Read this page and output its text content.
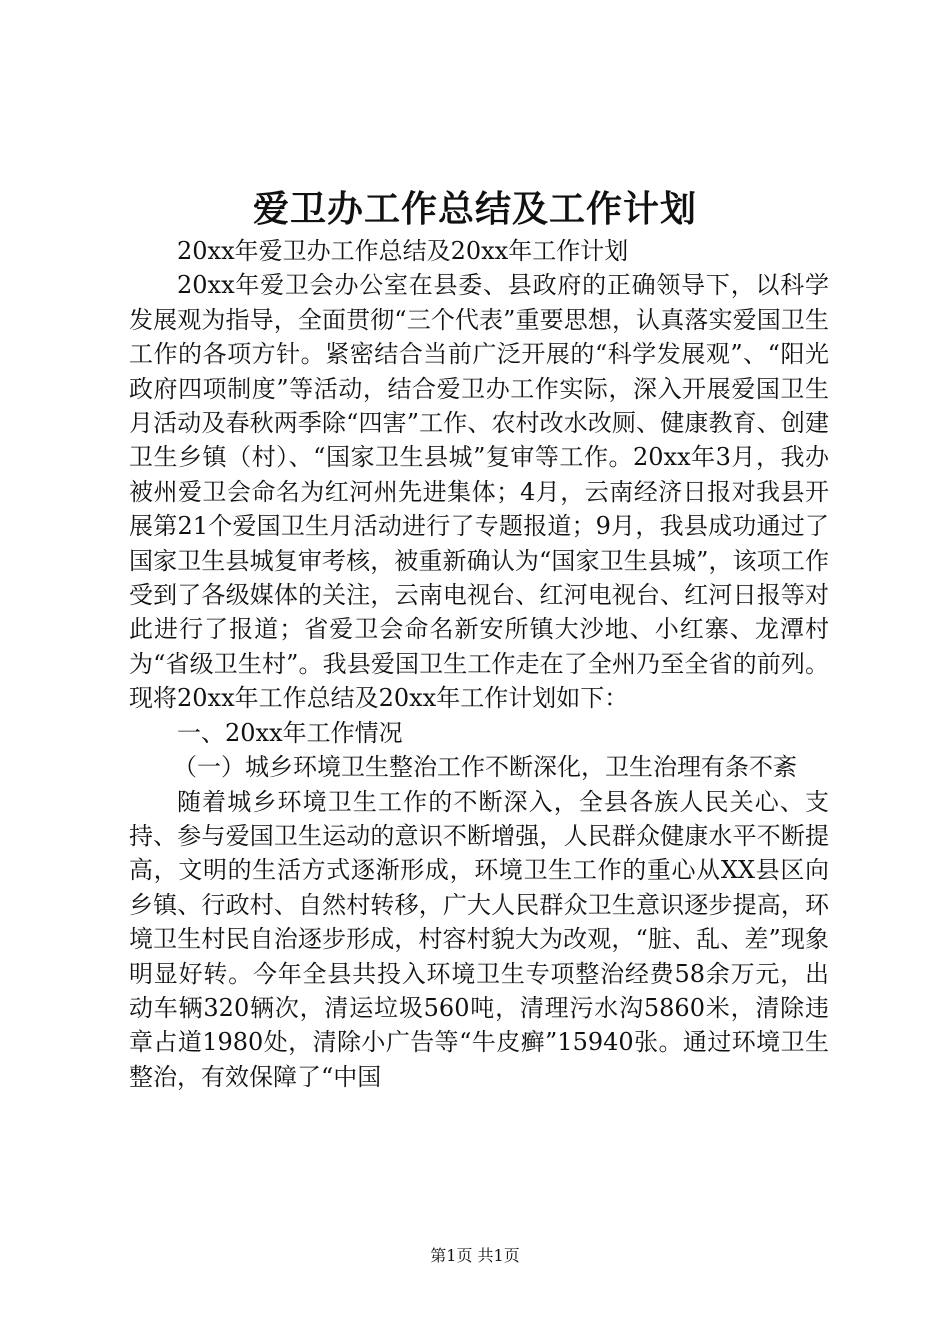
爱卫办工作总结及工作计划

20xx年爱卫办工作总结及20xx年工作计划

20xx年爱卫会办公室在县委、县政府的正确领导下，以科学发展观为指导，全面贯彻“三个代表”重要思想，认真落实爱国卫生工作的各项方针。紧密结合当前广泛开展的“科学发展观”、“阳光政府四项制度”等活动，结合爱卫办工作实际，深入开展爱国卫生月活动及春秋两季除“四害”工作、农村改水改厕、健康教育、创建卫生乡镇（村）、“国家卫生县城”复审等工作。20xx年3月，我办被州爱卫会命名为红河州先进集体；4月，云南经济日报对我县开展第21个爱国卫生月活动进行了专题报道；9月，我县成功通过了国家卫生县城复审考核，被重新确认为“国家卫生县城”，该项工作受到了各级媒体的关注，云南电视台、红河电视台、红河日报等对此进行了报道；省爱卫会命名新安所镇大沙地、小红寨、龙潭村为“省级卫生村”。我县爱国卫生工作走在了全州乃至全省的前列。现将20xx年工作总结及20xx年工作计划如下：

一、20xx年工作情况

（一）城乡环境卫生整治工作不断深化，卫生治理有条不紊

随着城乡环境卫生工作的不断深入，全县各族人民关心、支持、参与爱国卫生运动的意识不断增强，人民群众健康水平不断提高，文明的生活方式逐渐形成，环境卫生工作的重心从XX县区向乡镇、行政村、自然村转移，广大人民群众卫生意识逐步提高，环境卫生村民自治逐步形成，村容村貌大为改观，“脏、乱、差”现象明显好转。今年全县共投入环境卫生专项整治经费58余万元，出动车辆320辆次，清运垃圾560吨，清理污水沟5860米，清除违章占道1980处，清除小广告等“牛皮癣”15940张。通过环境卫生整治，有效保障了“中国

第1页 共1页
